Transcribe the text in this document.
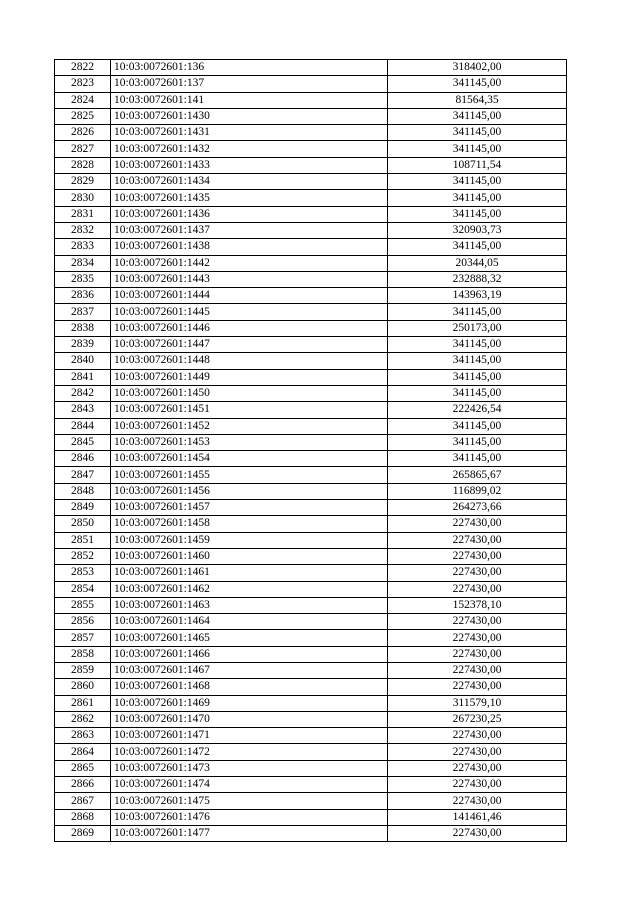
2822	10:03:0072601:136	318402,00
2823	10:03:0072601:137	341145,00
2824	10:03:0072601:141	81564,35
2825	10:03:0072601:1430	341145,00
2826	10:03:0072601:1431	341145,00
2827	10:03:0072601:1432	341145,00
2828	10:03:0072601:1433	108711,54
2829	10:03:0072601:1434	341145,00
2830	10:03:0072601:1435	341145,00
2831	10:03:0072601:1436	341145,00
2832	10:03:0072601:1437	320903,73
2833	10:03:0072601:1438	341145,00
2834	10:03:0072601:1442	20344,05
2835	10:03:0072601:1443	232888,32
2836	10:03:0072601:1444	143963,19
2837	10:03:0072601:1445	341145,00
2838	10:03:0072601:1446	250173,00
2839	10:03:0072601:1447	341145,00
2840	10:03:0072601:1448	341145,00
2841	10:03:0072601:1449	341145,00
2842	10:03:0072601:1450	341145,00
2843	10:03:0072601:1451	222426,54
2844	10:03:0072601:1452	341145,00
2845	10:03:0072601:1453	341145,00
2846	10:03:0072601:1454	341145,00
2847	10:03:0072601:1455	265865,67
2848	10:03:0072601:1456	116899,02
2849	10:03:0072601:1457	264273,66
2850	10:03:0072601:1458	227430,00
2851	10:03:0072601:1459	227430,00
2852	10:03:0072601:1460	227430,00
2853	10:03:0072601:1461	227430,00
2854	10:03:0072601:1462	227430,00
2855	10:03:0072601:1463	152378,10
2856	10:03:0072601:1464	227430,00
2857	10:03:0072601:1465	227430,00
2858	10:03:0072601:1466	227430,00
2859	10:03:0072601:1467	227430,00
2860	10:03:0072601:1468	227430,00
2861	10:03:0072601:1469	311579,10
2862	10:03:0072601:1470	267230,25
2863	10:03:0072601:1471	227430,00
2864	10:03:0072601:1472	227430,00
2865	10:03:0072601:1473	227430,00
2866	10:03:0072601:1474	227430,00
2867	10:03:0072601:1475	227430,00
2868	10:03:0072601:1476	141461,46
2869	10:03:0072601:1477	227430,00
